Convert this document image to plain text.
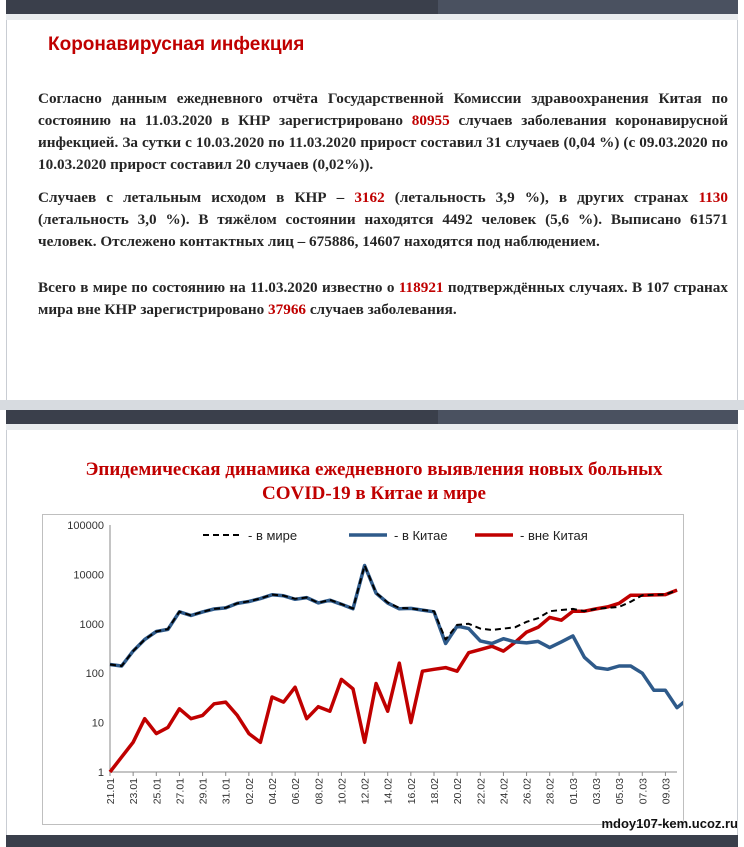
Коронавирусная инфекция
Согласно данным ежедневного отчёта Государственной Комиссии здравоохранения Китая по состоянию на 11.03.2020 в КНР зарегистрировано 80955 случаев заболевания коронавирусной инфекцией. За сутки с 10.03.2020 по 11.03.2020 прирост составил 31 случаев (0,04 %) (с 09.03.2020 по 10.03.2020 прирост составил 20 случаев (0,02%)).
Случаев с летальным исходом в КНР – 3162 (летальность 3,9 %), в других странах 1130 (летальность 3,0 %). В тяжёлом состоянии находятся 4492 человек (5,6 %). Выписано 61571 человек. Отслежено контактных лиц – 675886, 14607 находятся под наблюдением.
Всего в мире по состоянию на 11.03.2020 известно о 118921 подтверждённых случаях. В 107 странах мира вне КНР зарегистрировано 37966 случаев заболевания.
Эпидемическая динамика ежедневного выявления новых больных
COVID-19 в Китае и мире
1
10
100
1000
10000
100000
21.01 23.01 25.01 27.01 29.01 31.01 02.02 04.02 06.02 08.02 10.02 12.02 14.02 16.02 18.02 20.02 22.02 24.02 26.02 28.02 01.03 03.03 05.03 07.03 09.03
- в мире	- в Китае	- вне Китая
mdoy107-kem.ucoz.ru
